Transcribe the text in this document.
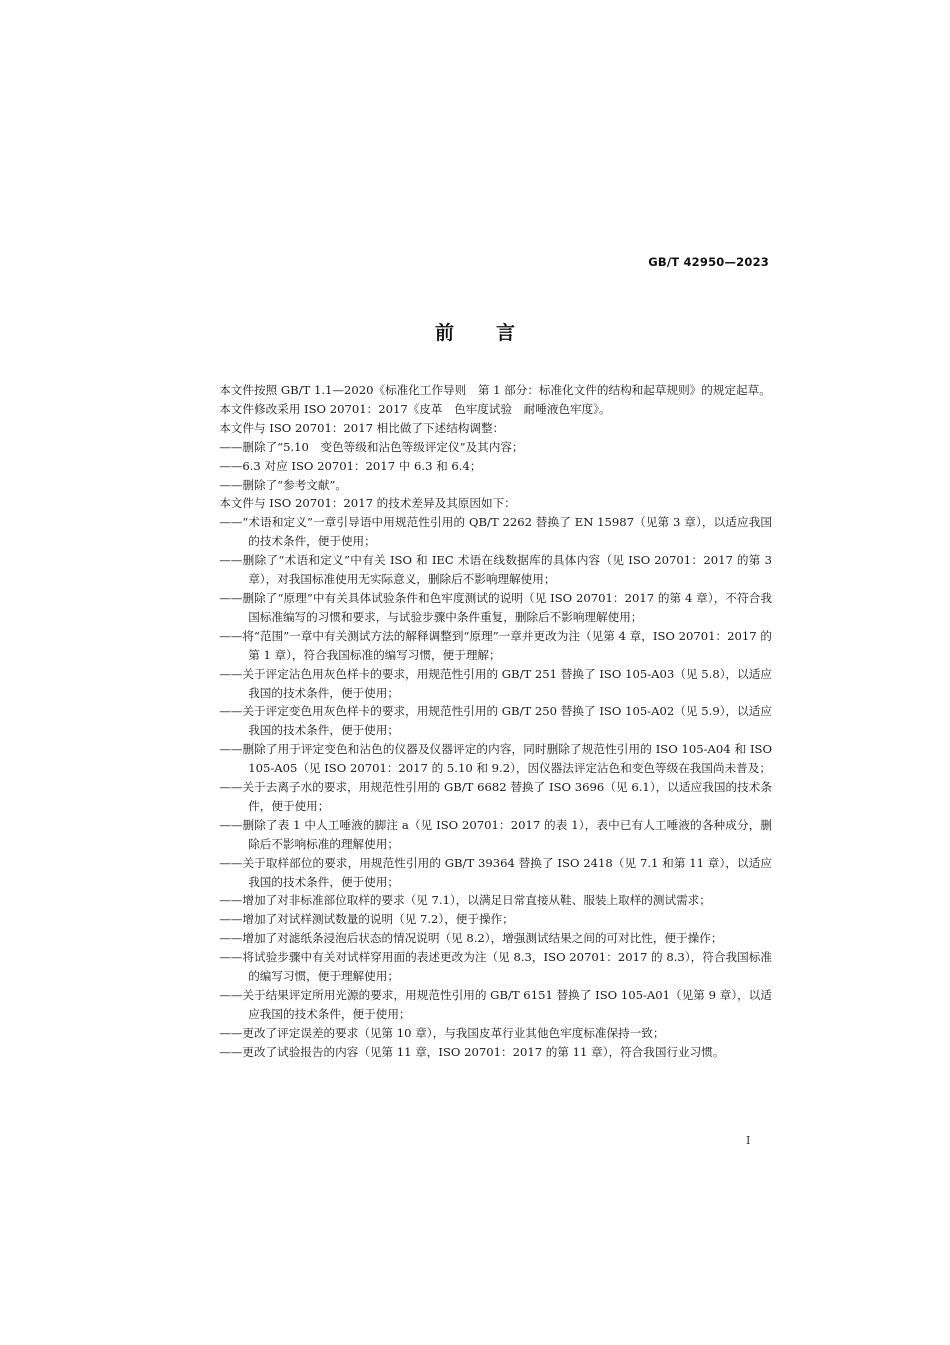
GB/T 42950—2023
前言

本文件按照 GB/T 1.1—2020《标准化工作导则　第 1 部分：标准化文件的结构和起草规则》的规定起草。

本文件修改采用 ISO 20701：2017《皮革　色牢度试验　耐唾液色牢度》。

本文件与 ISO 20701：2017 相比做了下述结构调整：

——删除了“5.10　变色等级和沾色等级评定仪”及其内容；

——6.3 对应 ISO 20701：2017 中 6.3 和 6.4；

——删除了“参考文献”。

本文件与 ISO 20701：2017 的技术差异及其原因如下：

——“术语和定义”一章引导语中用规范性引用的 QB/T 2262 替换了 EN 15987（见第 3 章），以适应我国的技术条件，便于使用；

——删除了“术语和定义”中有关 ISO 和 IEC 术语在线数据库的具体内容（见 ISO 20701：2017 的第 3 章），对我国标准使用无实际意义，删除后不影响理解使用；

——删除了“原理”中有关具体试验条件和色牢度测试的说明（见 ISO 20701：2017 的第 4 章），不符合我国标准编写的习惯和要求，与试验步骤中条件重复，删除后不影响理解使用；

——将“范围”一章中有关测试方法的解释调整到“原理”一章并更改为注（见第 4 章，ISO 20701：2017 的第 1 章），符合我国标准的编写习惯，便于理解；

——关于评定沾色用灰色样卡的要求，用规范性引用的 GB/T 251 替换了 ISO 105-A03（见 5.8），以适应我国的技术条件，便于使用；

——关于评定变色用灰色样卡的要求，用规范性引用的 GB/T 250 替换了 ISO 105-A02（见 5.9），以适应我国的技术条件，便于使用；

——删除了用于评定变色和沾色的仪器及仪器评定的内容，同时删除了规范性引用的 ISO 105-A04 和 ISO 105-A05（见 ISO 20701：2017 的 5.10 和 9.2），因仪器法评定沾色和变色等级在我国尚未普及；

——关于去离子水的要求，用规范性引用的 GB/T 6682 替换了 ISO 3696（见 6.1），以适应我国的技术条件，便于使用；

——删除了表 1 中人工唾液的脚注 a（见 ISO 20701：2017 的表 1），表中已有人工唾液的各种成分，删除后不影响标准的理解使用；

——关于取样部位的要求，用规范性引用的 GB/T 39364 替换了 ISO 2418（见 7.1 和第 11 章），以适应我国的技术条件，便于使用；

——增加了对非标准部位取样的要求（见 7.1），以满足日常直接从鞋、服装上取样的测试需求；

——增加了对试样测试数量的说明（见 7.2），便于操作；

——增加了对滤纸条浸泡后状态的情况说明（见 8.2），增强测试结果之间的可对比性，便于操作；

——将试验步骤中有关对试样穿用面的表述更改为注（见 8.3，ISO 20701：2017 的 8.3），符合我国标准的编写习惯，便于理解使用；

——关于结果评定所用光源的要求，用规范性引用的 GB/T 6151 替换了 ISO 105-A01（见第 9 章），以适应我国的技术条件，便于使用；

——更改了评定误差的要求（见第 10 章），与我国皮革行业其他色牢度标准保持一致；

——更改了试验报告的内容（见第 11 章，ISO 20701：2017 的第 11 章），符合我国行业习惯。

I
